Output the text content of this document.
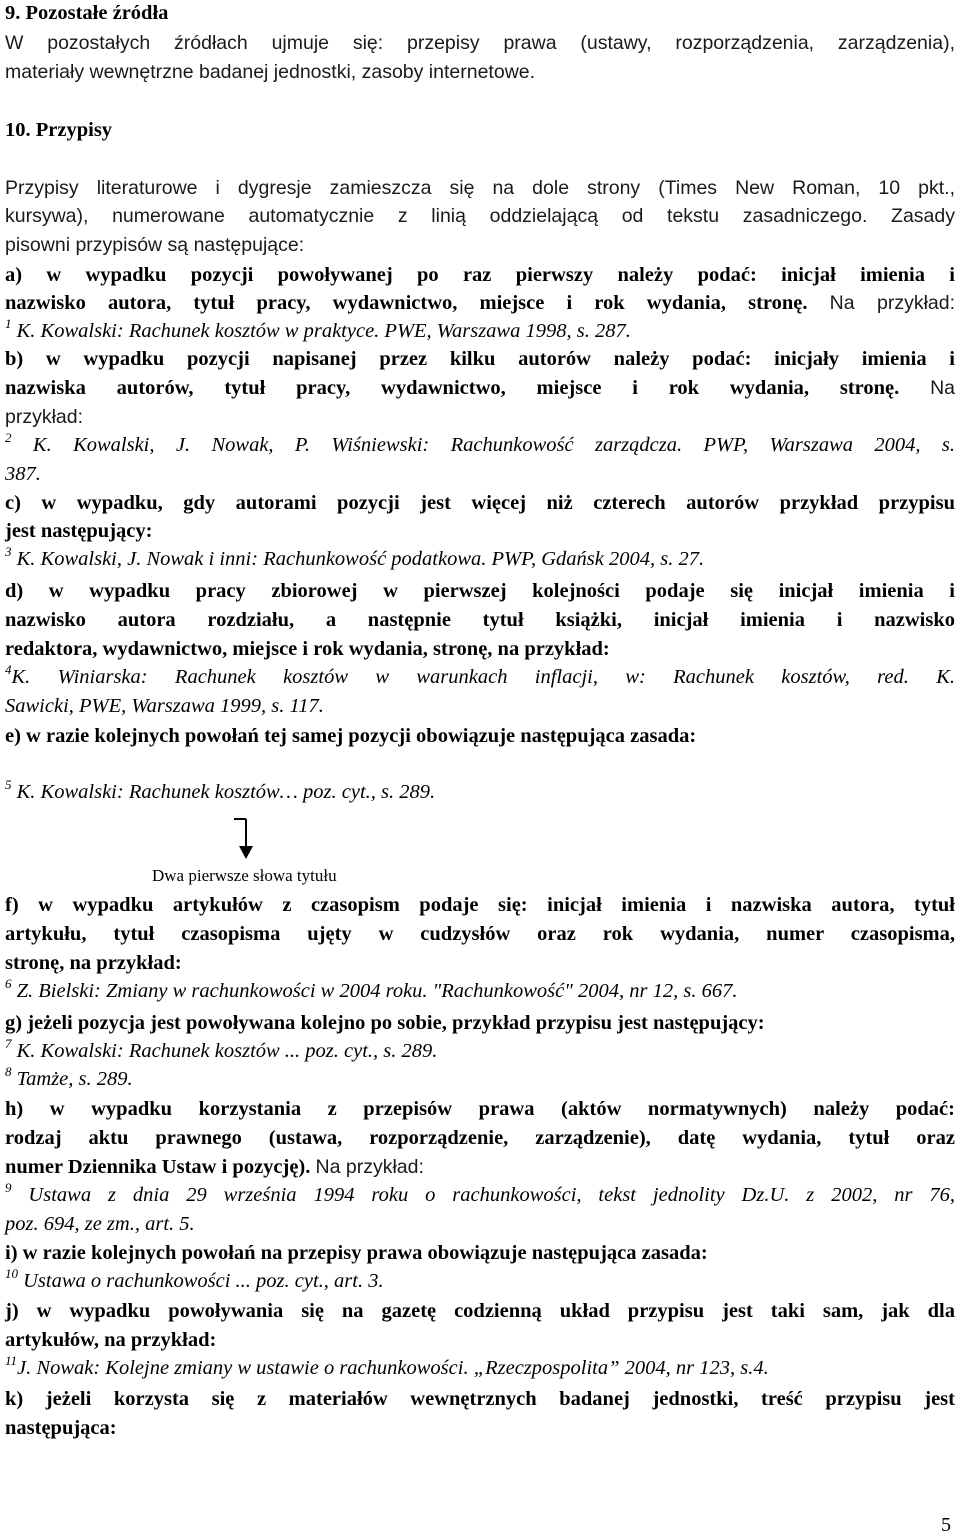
9. Pozostałe źródła
W pozostałych źródłach ujmuje się: przepisy prawa (ustawy, rozporządzenia, zarządzenia),
materiały wewnętrzne badanej jednostki, zasoby internetowe.
10. Przypisy
Przypisy literaturowe i dygresje zamieszcza się na dole strony (Times New Roman, 10 pkt.,
kursywa), numerowane automatycznie z linią oddzielającą od tekstu zasadniczego. Zasady
pisowni przypisów są następujące:
a) w wypadku pozycji powoływanej po raz pierwszy należy podać: inicjał imienia i
nazwisko autora, tytuł pracy, wydawnictwo, miejsce i rok wydania, stronę. Na przykład:
$^1$ K. Kowalski: Rachunek kosztów w praktyce. PWE, Warszawa 1998, s. 287.
b) w wypadku pozycji napisanej przez kilku autorów należy podać: inicjały imienia i
nazwiska autorów, tytuł pracy, wydawnictwo, miejsce i rok wydania, stronę. Na
przykład:
$^2$ K. Kowalski, J. Nowak, P. Wiśniewski: Rachunkowość zarządcza. PWP, Warszawa 2004, s.
387.
c) w wypadku, gdy autorami pozycji jest więcej niż czterech autorów przykład przypisu
jest następujący:
$^3$ K. Kowalski, J. Nowak i inni: Rachunkowość podatkowa. PWP, Gdańsk 2004, s. 27.
d) w wypadku pracy zbiorowej w pierwszej kolejności podaje się inicjał imienia i
nazwisko autora rozdziału, a następnie tytuł książki, inicjał imienia i nazwisko
redaktora, wydawnictwo, miejsce i rok wydania, stronę, na przykład:
$^4$K. Winiarska: Rachunek kosztów w warunkach inflacji, w: Rachunek kosztów, red. K.
Sawicki, PWE, Warszawa 1999, s. 117.
e) w razie kolejnych powołań tej samej pozycji obowiązuje następująca zasada:
$^5$ K. Kowalski: Rachunek kosztów… poz. cyt., s. 289.
Dwa pierwsze słowa tytułu
f) w wypadku artykułów z czasopism podaje się: inicjał imienia i nazwiska autora, tytuł
artykułu, tytuł czasopisma ujęty w cudzysłów oraz rok wydania, numer czasopisma,
stronę, na przykład:
$^6$ Z. Bielski: Zmiany w rachunkowości w 2004 roku. "Rachunkowość" 2004, nr 12, s. 667.
g) jeżeli pozycja jest powoływana kolejno po sobie, przykład przypisu jest następujący:
$^7$ K. Kowalski: Rachunek kosztów ... poz. cyt., s. 289.
$^8$ Tamże, s. 289.
h) w wypadku korzystania z przepisów prawa (aktów normatywnych) należy podać:
rodzaj aktu prawnego (ustawa, rozporządzenie, zarządzenie), datę wydania, tytuł oraz
numer Dziennika Ustaw i pozycję). Na przykład:
$^9$ Ustawa z dnia 29 września 1994 roku o rachunkowości, tekst jednolity Dz.U. z 2002, nr 76,
poz. 694, ze zm., art. 5.
i) w razie kolejnych powołań na przepisy prawa obowiązuje następująca zasada:
$^{10}$ Ustawa o rachunkowości ... poz. cyt., art. 3.
j) w wypadku powoływania się na gazetę codzienną układ przypisu jest taki sam, jak dla
artykułów, na przykład:
$^{11}$J. Nowak: Kolejne zmiany w ustawie o rachunkowości. „Rzeczpospolita” 2004, nr 123, s.4.
k) jeżeli korzysta się z materiałów wewnętrznych badanej jednostki, treść przypisu jest
następująca:
5
